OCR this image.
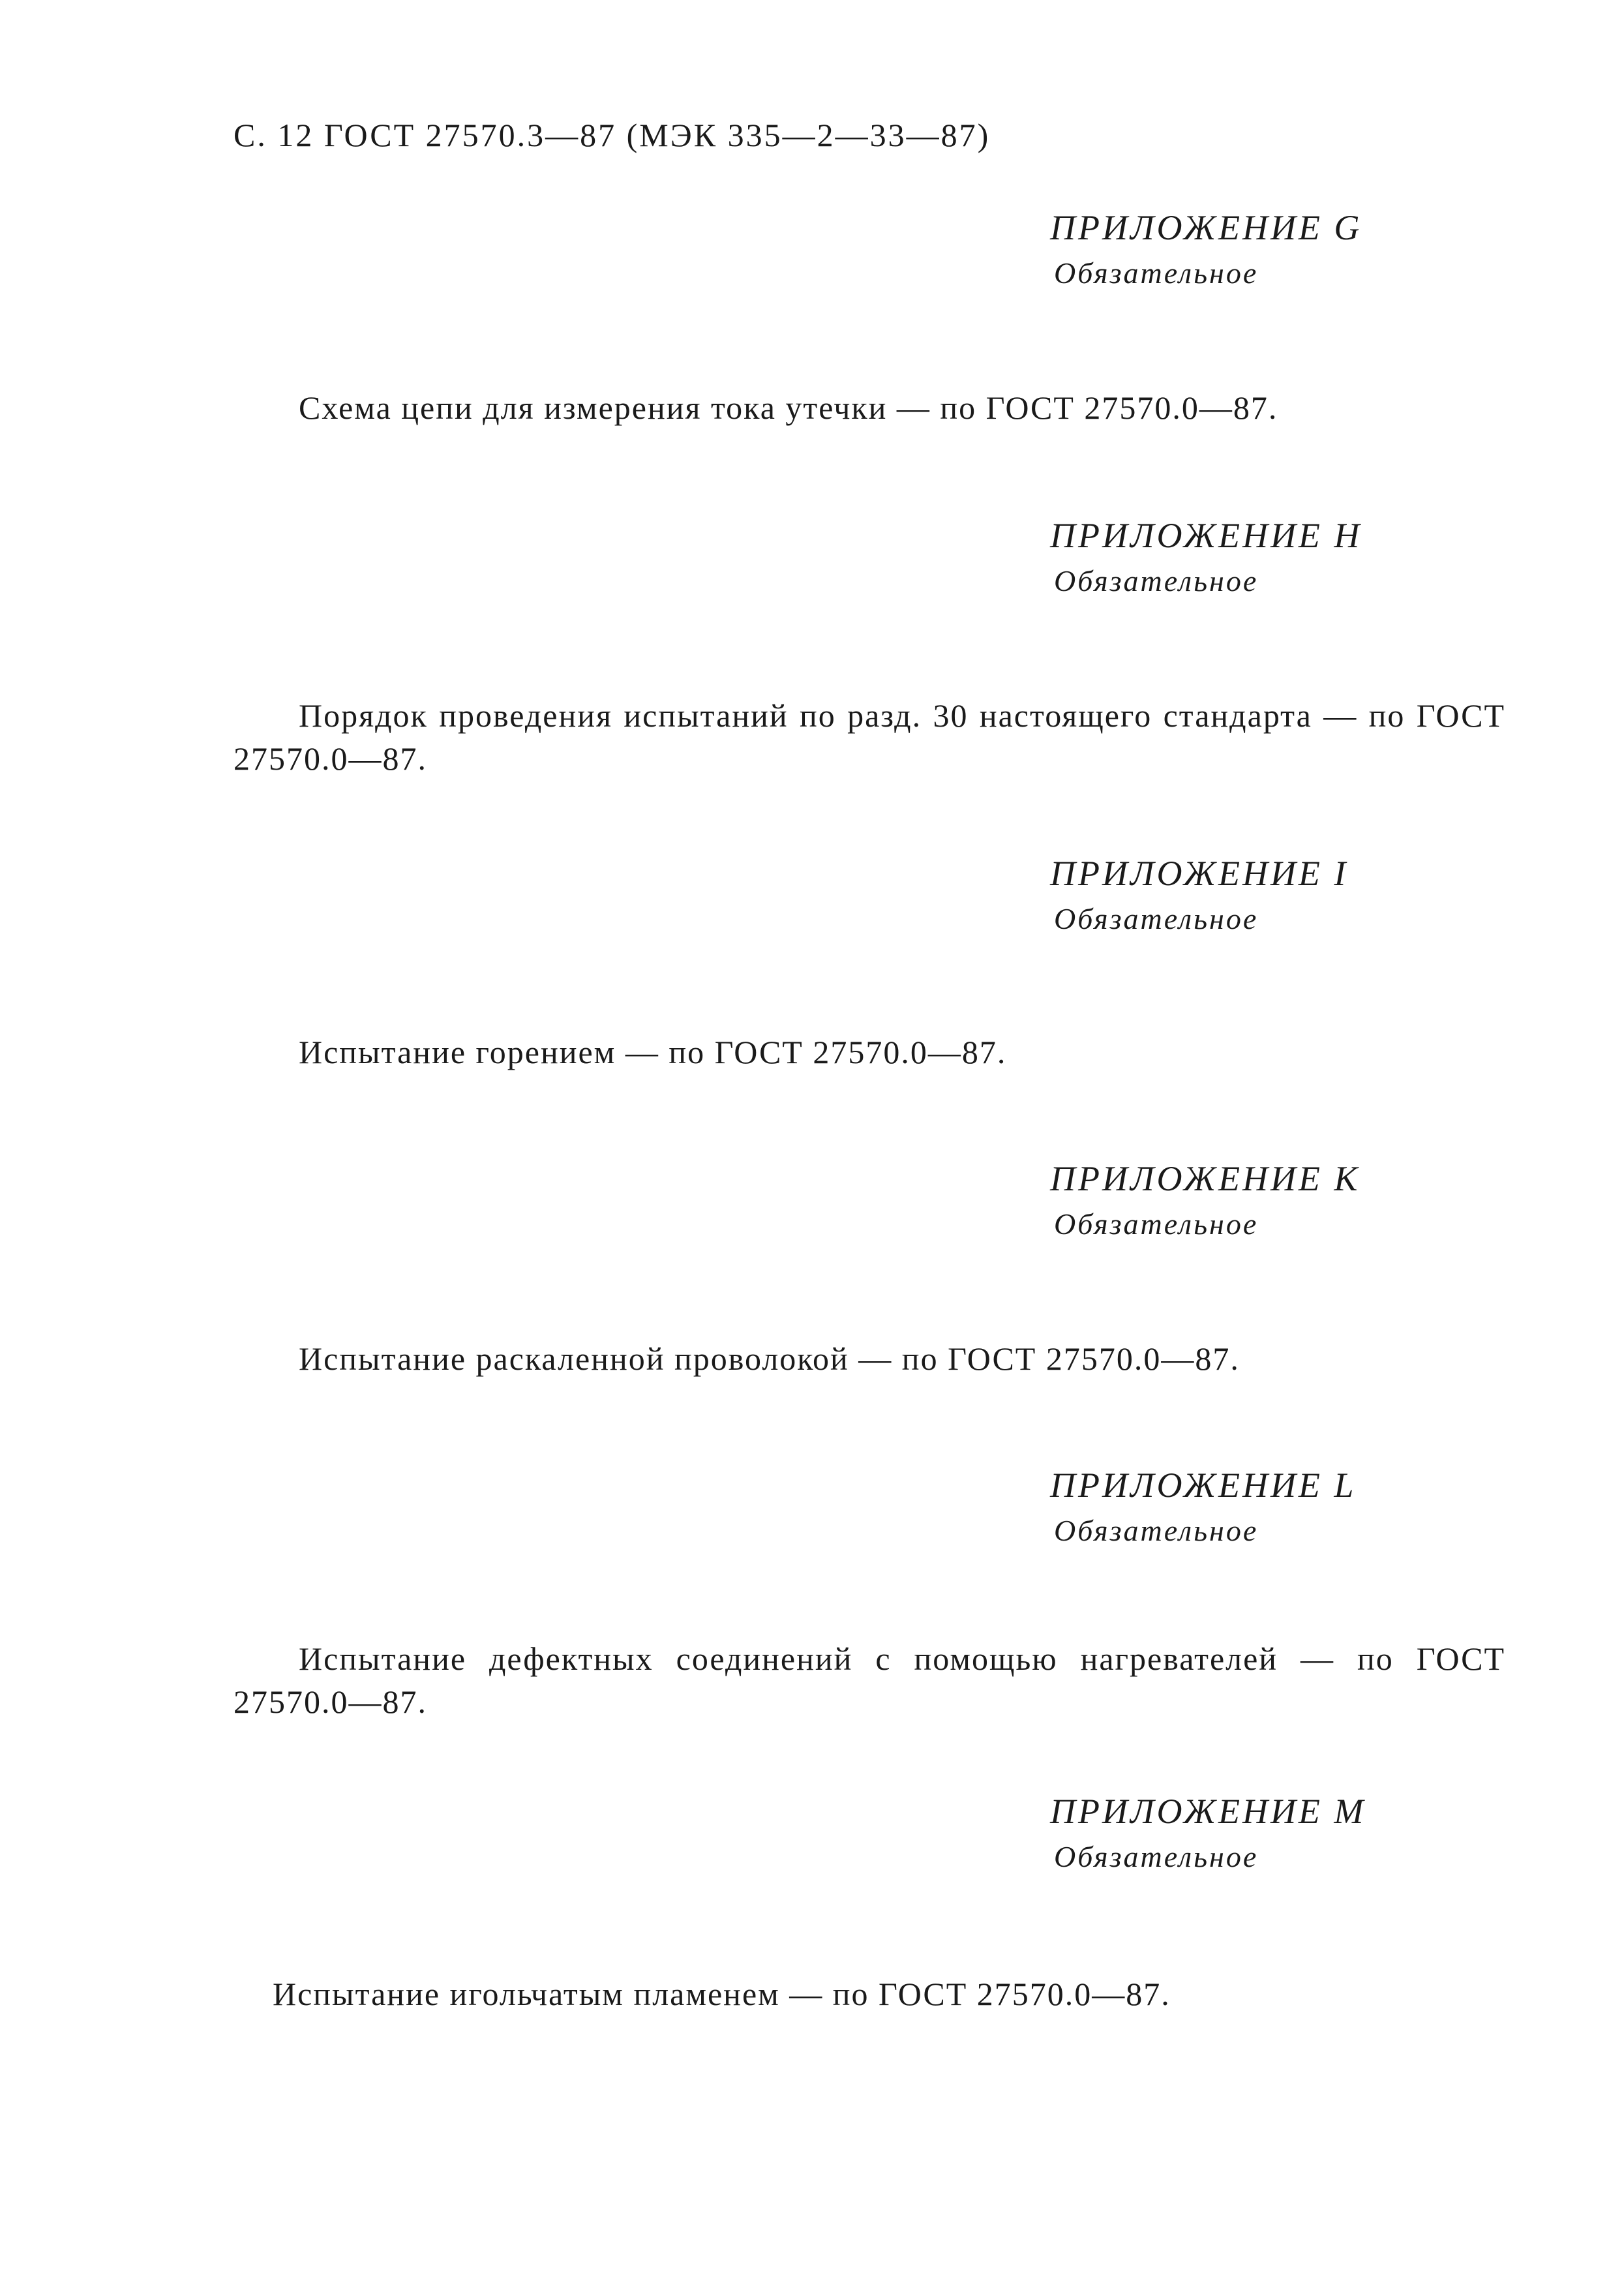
С. 12 ГОСТ 27570.3—87 (МЭК 335—2—33—87)
ПРИЛОЖЕНИЕ G
Обязательное

Схема цепи для измерения тока утечки — по ГОСТ 27570.0—87.

ПРИЛОЖЕНИЕ H
Обязательное

Порядок проведения испытаний по разд. 30 настоящего стандарта — по ГОСТ 27570.0—87.

ПРИЛОЖЕНИЕ I
Обязательное

Испытание горением — по ГОСТ 27570.0—87.

ПРИЛОЖЕНИЕ K
Обязательное

Испытание раскаленной проволокой — по ГОСТ 27570.0—87.

ПРИЛОЖЕНИЕ L
Обязательное

Испытание дефектных соединений с помощью нагревателей — по ГОСТ 27570.0—87.

ПРИЛОЖЕНИЕ M
Обязательное

Испытание игольчатым пламенем — по ГОСТ 27570.0—87.
